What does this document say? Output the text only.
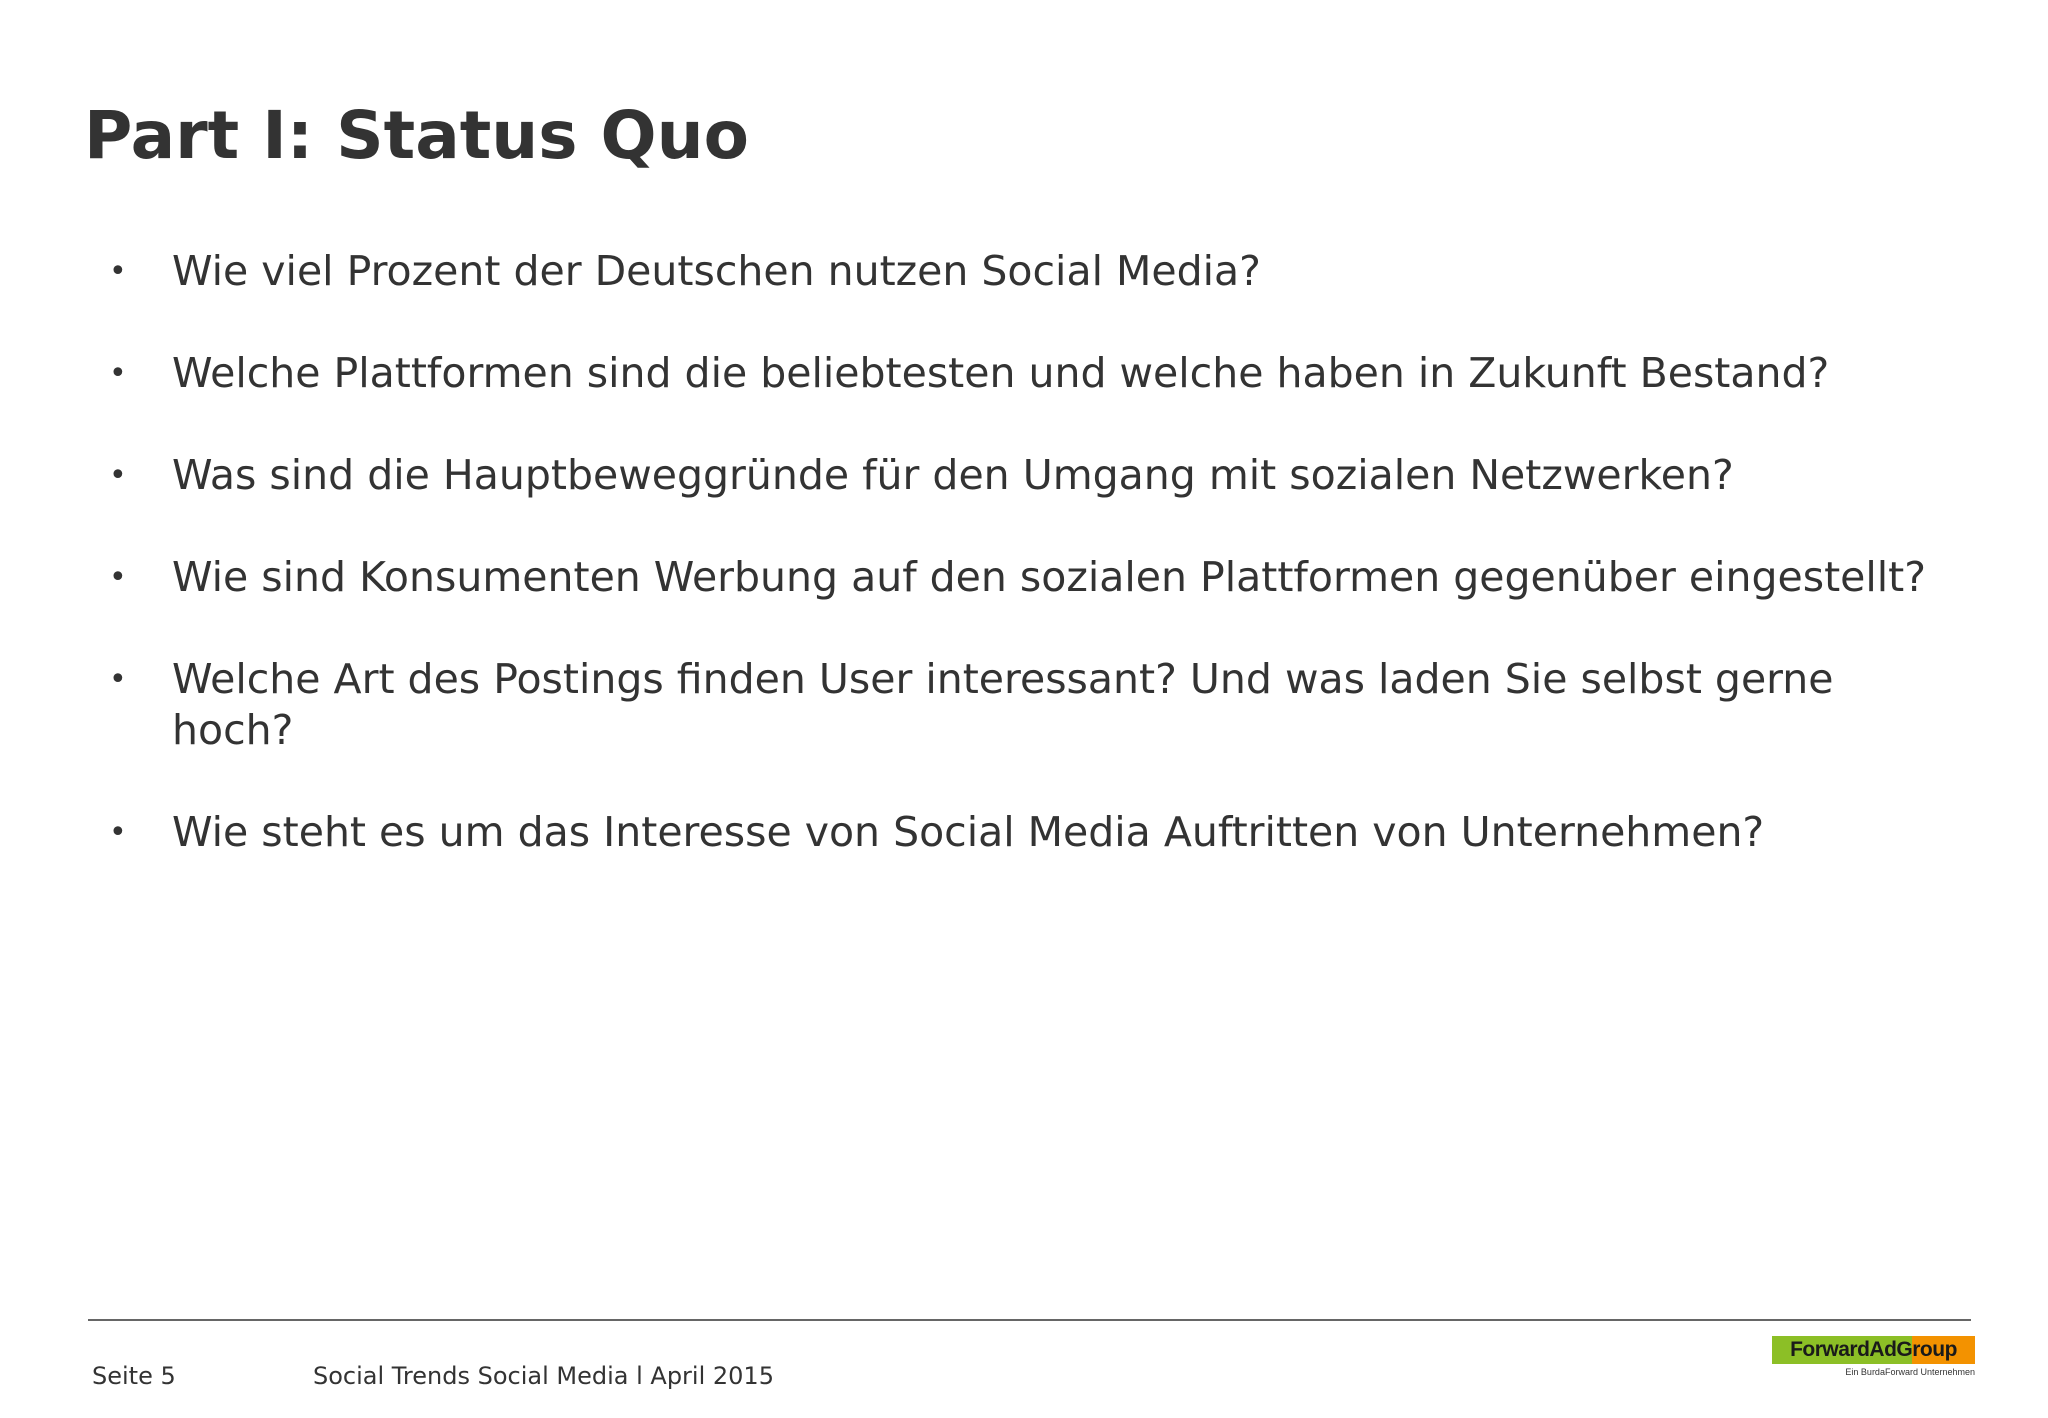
Part I: Status Quo
• Wie viel Prozent der Deutschen nutzen Social Media?
• Welche Plattformen sind die beliebtesten und welche haben in Zukunft Bestand?
• Was sind die Hauptbeweggründe für den Umgang mit sozialen Netzwerken?
• Wie sind Konsumenten Werbung auf den sozialen Plattformen gegenüber eingestellt?
• Welche Art des Postings finden User interessant? Und was laden Sie selbst gerne hoch?
• Wie steht es um das Interesse von Social Media Auftritten von Unternehmen?
Seite 5	Social Trends Social Media l April 2015
ForwardAdGroup
Ein BurdaForward Unternehmen
